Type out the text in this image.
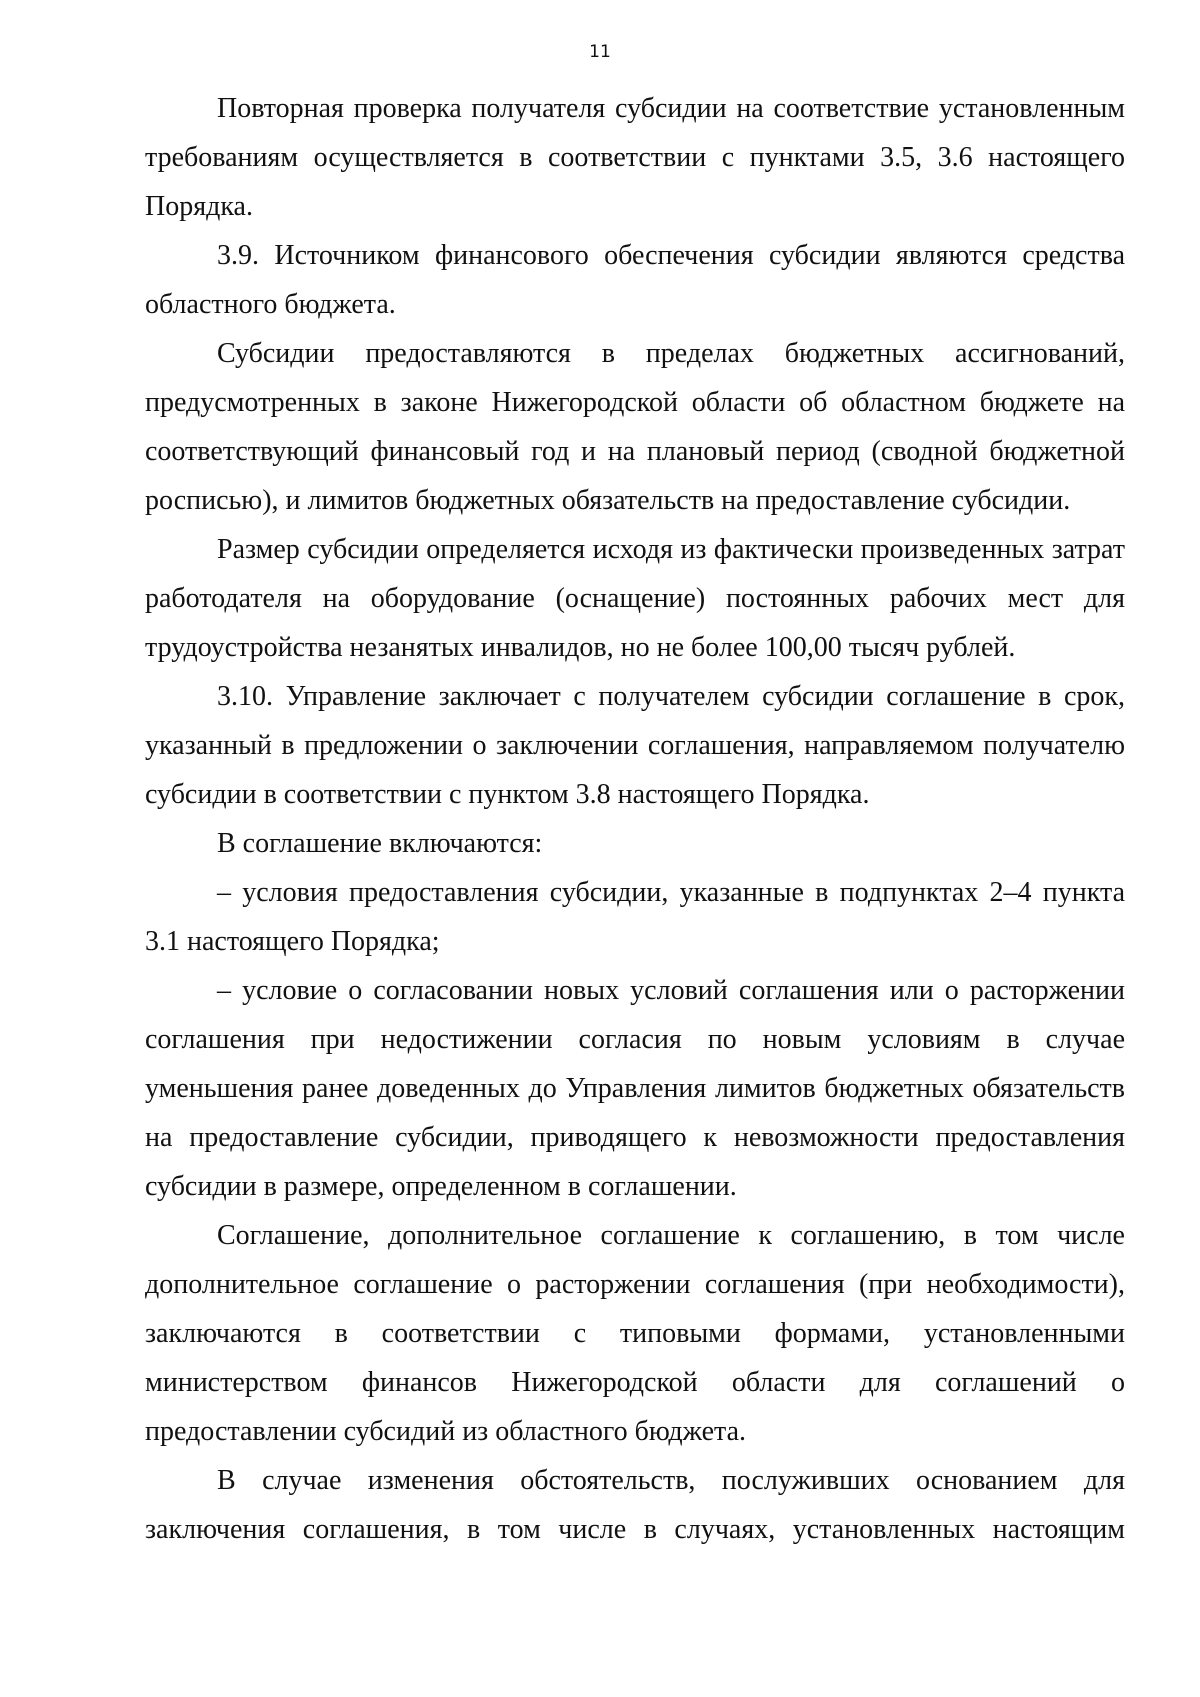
11

Повторная проверка получателя субсидии на соответствие установленным требованиям осуществляется в соответствии с пунктами 3.5, 3.6 настоящего Порядка.

3.9. Источником финансового обеспечения субсидии являются средства областного бюджета.

Субсидии предоставляются в пределах бюджетных ассигнований, предусмотренных в законе Нижегородской области об областном бюджете на соответствующий финансовый год и на плановый период (сводной бюджетной росписью), и лимитов бюджетных обязательств на предоставление субсидии.

Размер субсидии определяется исходя из фактически произведенных затрат работодателя на оборудование (оснащение) постоянных рабочих мест для трудоустройства незанятых инвалидов, но не более 100,00 тысяч рублей.

3.10. Управление заключает с получателем субсидии соглашение в срок, указанный в предложении о заключении соглашения, направляемом получателю субсидии в соответствии с пунктом 3.8 настоящего Порядка.

В соглашение включаются:

– условия предоставления субсидии, указанные в подпунктах 2–4 пункта 3.1 настоящего Порядка;

– условие о согласовании новых условий соглашения или о расторжении соглашения при недостижении согласия по новым условиям в случае уменьшения ранее доведенных до Управления лимитов бюджетных обязательств на предоставление субсидии, приводящего к невозможности предоставления субсидии в размере, определенном в соглашении.

Соглашение, дополнительное соглашение к соглашению, в том числе дополнительное соглашение о расторжении соглашения (при необходимости), заключаются в соответствии с типовыми формами, установленными министерством финансов Нижегородской области для соглашений о предоставлении субсидий из областного бюджета.

В случае изменения обстоятельств, послуживших основанием для заключения соглашения, в том числе в случаях, установленных настоящим
